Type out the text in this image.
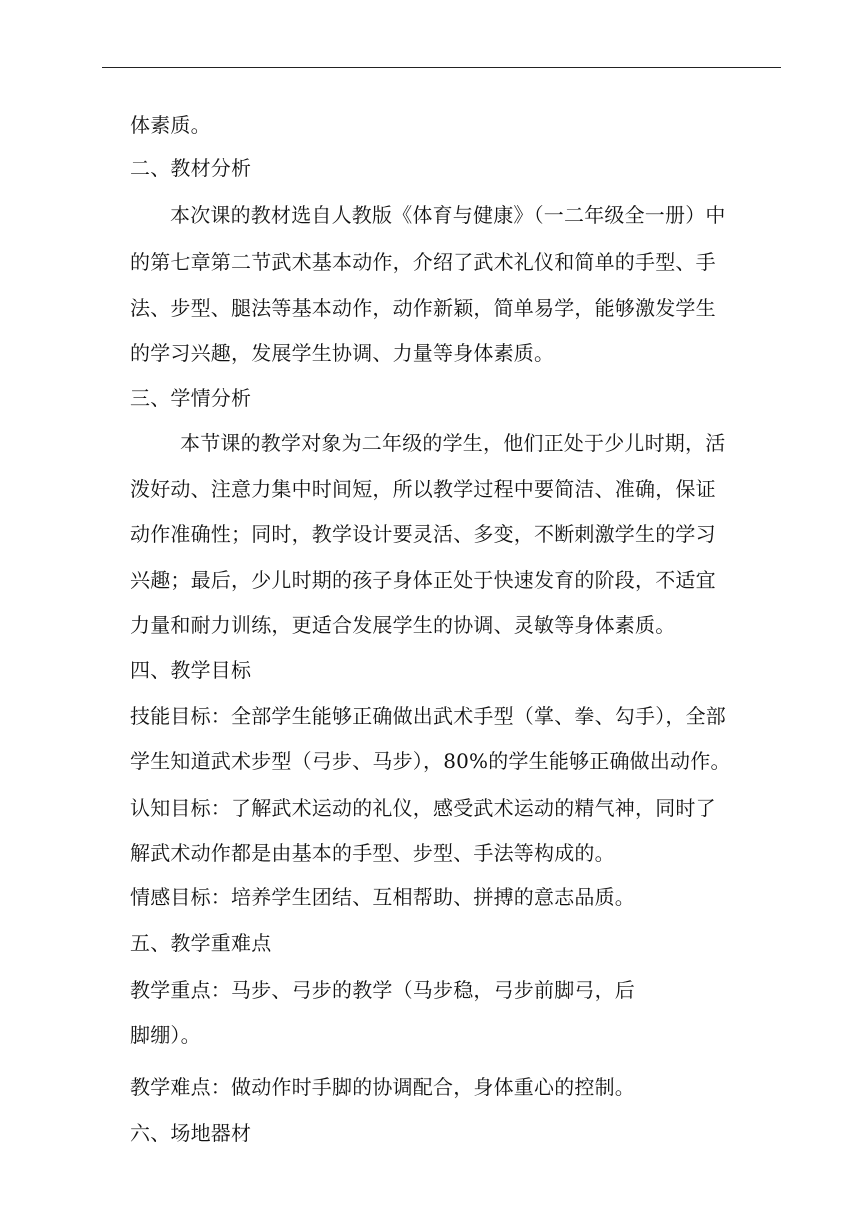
体素质。
二、教材分析
本次课的教材选自人教版《体育与健康》（一二年级全一册）中
的第七章第二节武术基本动作，介绍了武术礼仪和简单的手型、手
法、步型、腿法等基本动作，动作新颖，简单易学，能够激发学生
的学习兴趣，发展学生协调、力量等身体素质。
三、学情分析
本节课的教学对象为二年级的学生，他们正处于少儿时期，活
泼好动、注意力集中时间短，所以教学过程中要简洁、准确，保证
动作准确性；同时，教学设计要灵活、多变，不断刺激学生的学习
兴趣；最后，少儿时期的孩子身体正处于快速发育的阶段，不适宜
力量和耐力训练，更适合发展学生的协调、灵敏等身体素质。
四、教学目标
技能目标：全部学生能够正确做出武术手型（掌、拳、勾手），全部
学生知道武术步型（弓步、马步），80%的学生能够正确做出动作。
认知目标：了解武术运动的礼仪，感受武术运动的精气神，同时了
解武术动作都是由基本的手型、步型、手法等构成的。
情感目标：培养学生团结、互相帮助、拼搏的意志品质。
五、教学重难点
教学重点：马步、弓步的教学（马步稳，弓步前脚弓，后
脚绷）。
教学难点：做动作时手脚的协调配合，身体重心的控制。
六、场地器材
